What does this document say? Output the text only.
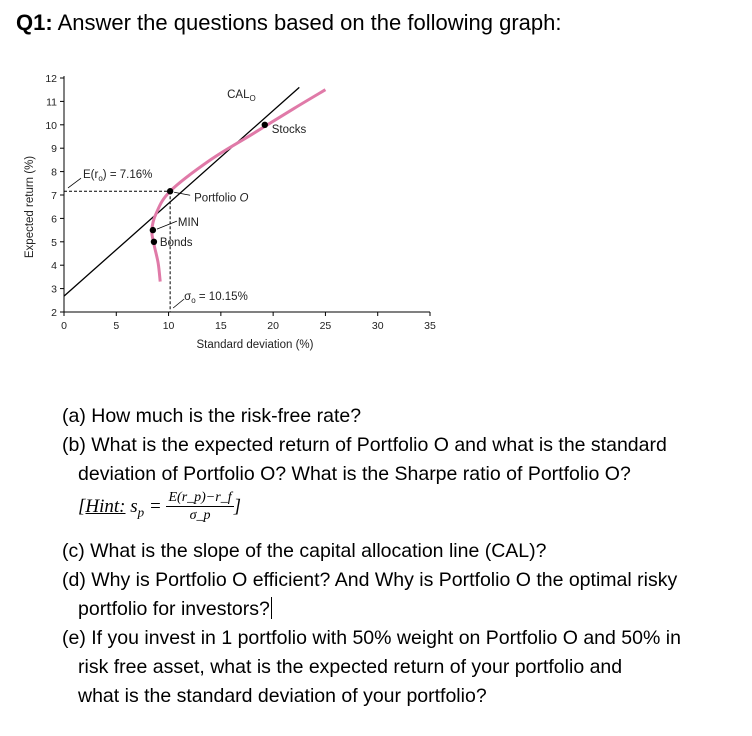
Q1: Answer the questions based on the following graph:
2
3
4
5
6
7
8
9
10
11
12
0	5	10	15	20	25	30	35
Standard deviation (%)
Expected return (%)
Stocks
Portfolio O
MIN
Bonds
$CAL_O$
$E(r_o) = 7.16\%$
$\sigma_o = 10.15\%$
(a) How much is the risk-free rate?
(b) What is the expected return of Portfolio O and what is the standard
deviation of Portfolio O? What is the Sharpe ratio of Portfolio O?
[Hint: $s_p = \frac{E(r\_p)-r\_f}{\sigma\_p}$ ]
(c) What is the slope of the capital allocation line (CAL)?
(d) Why is Portfolio O efficient? And Why is Portfolio O the optimal risky
portfolio for investors?
(e) If you invest in 1 portfolio with 50% weight on Portfolio O and 50% in
risk free asset, what is the expected return of your portfolio and
what is the standard deviation of your portfolio?
